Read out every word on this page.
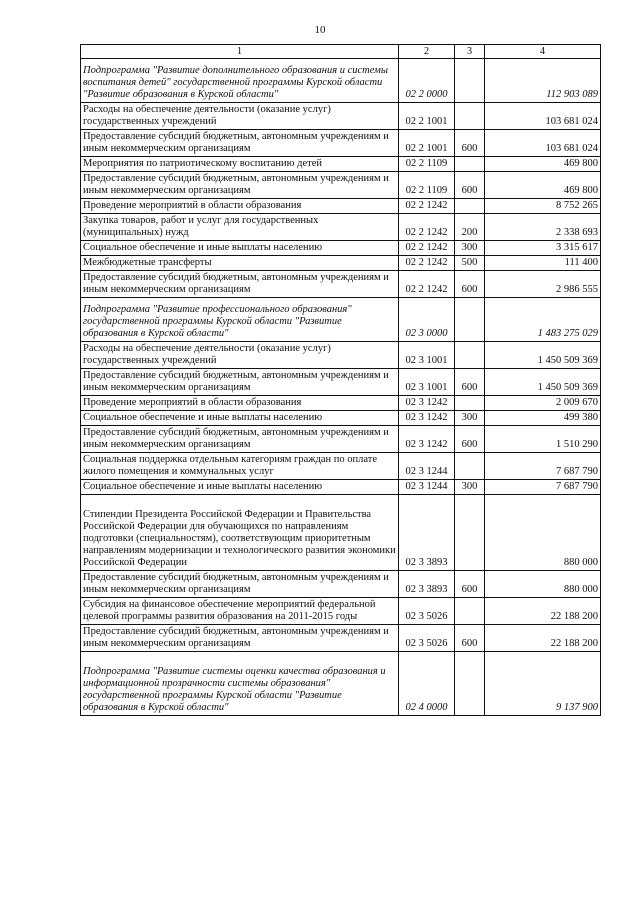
10
1	2	3	4
Подпрограмма "Развитие дополнительного образования и системы воспитания детей" государственной программы Курской области "Развитие образования в Курской области"	02 2 0000		112 903 089
Расходы на обеспечение деятельности (оказание услуг) государственных учреждений	02 2 1001		103 681 024
Предоставление субсидий бюджетным, автономным учреждениям и иным некоммерческим организациям	02 2 1001	600	103 681 024
Мероприятия по патриотическому воспитанию детей	02 2 1109		469 800
Предоставление субсидий бюджетным, автономным учреждениям и иным некоммерческим организациям	02 2 1109	600	469 800
Проведение мероприятий в области образования	02 2 1242		8 752 265
Закупка товаров, работ и услуг для государственных (муниципальных) нужд	02 2 1242	200	2 338 693
Социальное обеспечение и иные выплаты населению	02 2 1242	300	3 315 617
Межбюджетные трансферты	02 2 1242	500	111 400
Предоставление субсидий бюджетным, автономным учреждениям и иным некоммерческим организациям	02 2 1242	600	2 986 555
Подпрограмма "Развитие профессионального образования" государственной программы Курской области "Развитие образования в Курской области"	02 3 0000		1 483 275 029
Расходы на обеспечение деятельности (оказание услуг) государственных учреждений	02 3 1001		1 450 509 369
Предоставление субсидий бюджетным, автономным учреждениям и иным некоммерческим организациям	02 3 1001	600	1 450 509 369
Проведение мероприятий в области образования	02 3 1242		2 009 670
Социальное обеспечение и иные выплаты населению	02 3 1242	300	499 380
Предоставление субсидий бюджетным, автономным учреждениям и иным некоммерческим организациям	02 3 1242	600	1 510 290
Социальная поддержка отдельным категориям граждан по оплате жилого помещения и коммунальных услуг	02 3 1244		7 687 790
Социальное обеспечение и иные выплаты населению	02 3 1244	300	7 687 790
Стипендии Президента Российской Федерации и Правительства Российской Федерации для обучающихся по направлениям подготовки (специальностям), соответствующим приоритетным направлениям модернизации и технологического развития экономики Российской Федерации	02 3 3893		880 000
Предоставление субсидий бюджетным, автономным учреждениям и иным некоммерческим организациям	02 3 3893	600	880 000
Субсидия на финансовое обеспечение мероприятий федеральной целевой программы развития образования на 2011-2015 годы	02 3 5026		22 188 200
Предоставление субсидий бюджетным, автономным учреждениям и иным некоммерческим организациям	02 3 5026	600	22 188 200
Подпрограмма "Развитие системы оценки качества образования и информационной прозрачности системы образования" государственной программы Курской области "Развитие образования в Курской области"	02 4 0000		9 137 900
